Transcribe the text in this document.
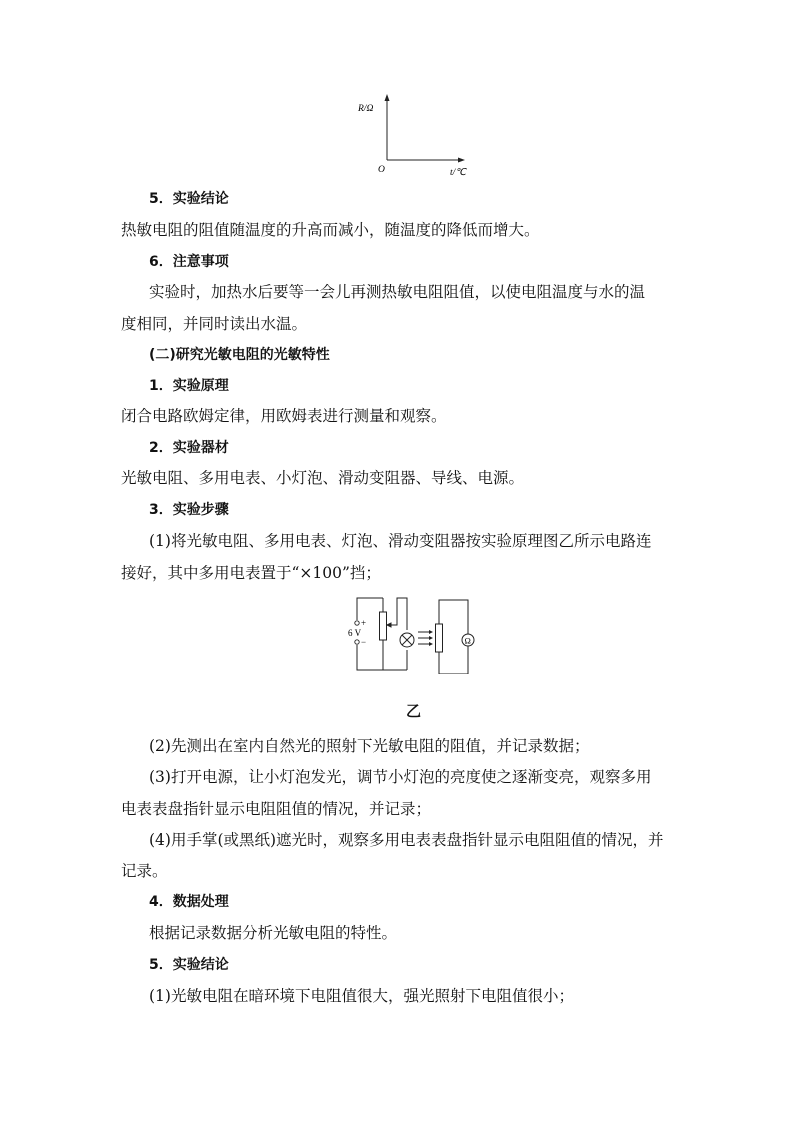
R/Ω
O	t/℃
5．实验结论
热敏电阻的阻值随温度的升高而减小，随温度的降低而增大。
6．注意事项
实验时，加热水后要等一会儿再测热敏电阻阻值，以使电阻温度与水的温
度相同，并同时读出水温。
(二)研究光敏电阻的光敏特性
1．实验原理
闭合电路欧姆定律，用欧姆表进行测量和观察。
2．实验器材
光敏电阻、多用电表、小灯泡、滑动变阻器、导线、电源。
3．实验步骤
(1)将光敏电阻、多用电表、灯泡、滑动变阻器按实验原理图乙所示电路连
接好，其中多用电表置于“×100”挡；
+
6 V
−	Ω
乙
(2)先测出在室内自然光的照射下光敏电阻的阻值，并记录数据；
(3)打开电源，让小灯泡发光，调节小灯泡的亮度使之逐渐变亮，观察多用
电表表盘指针显示电阻阻值的情况，并记录；
(4)用手掌(或黑纸)遮光时，观察多用电表表盘指针显示电阻阻值的情况，并
记录。
4．数据处理
根据记录数据分析光敏电阻的特性。
5．实验结论
(1)光敏电阻在暗环境下电阻值很大，强光照射下电阻值很小；
